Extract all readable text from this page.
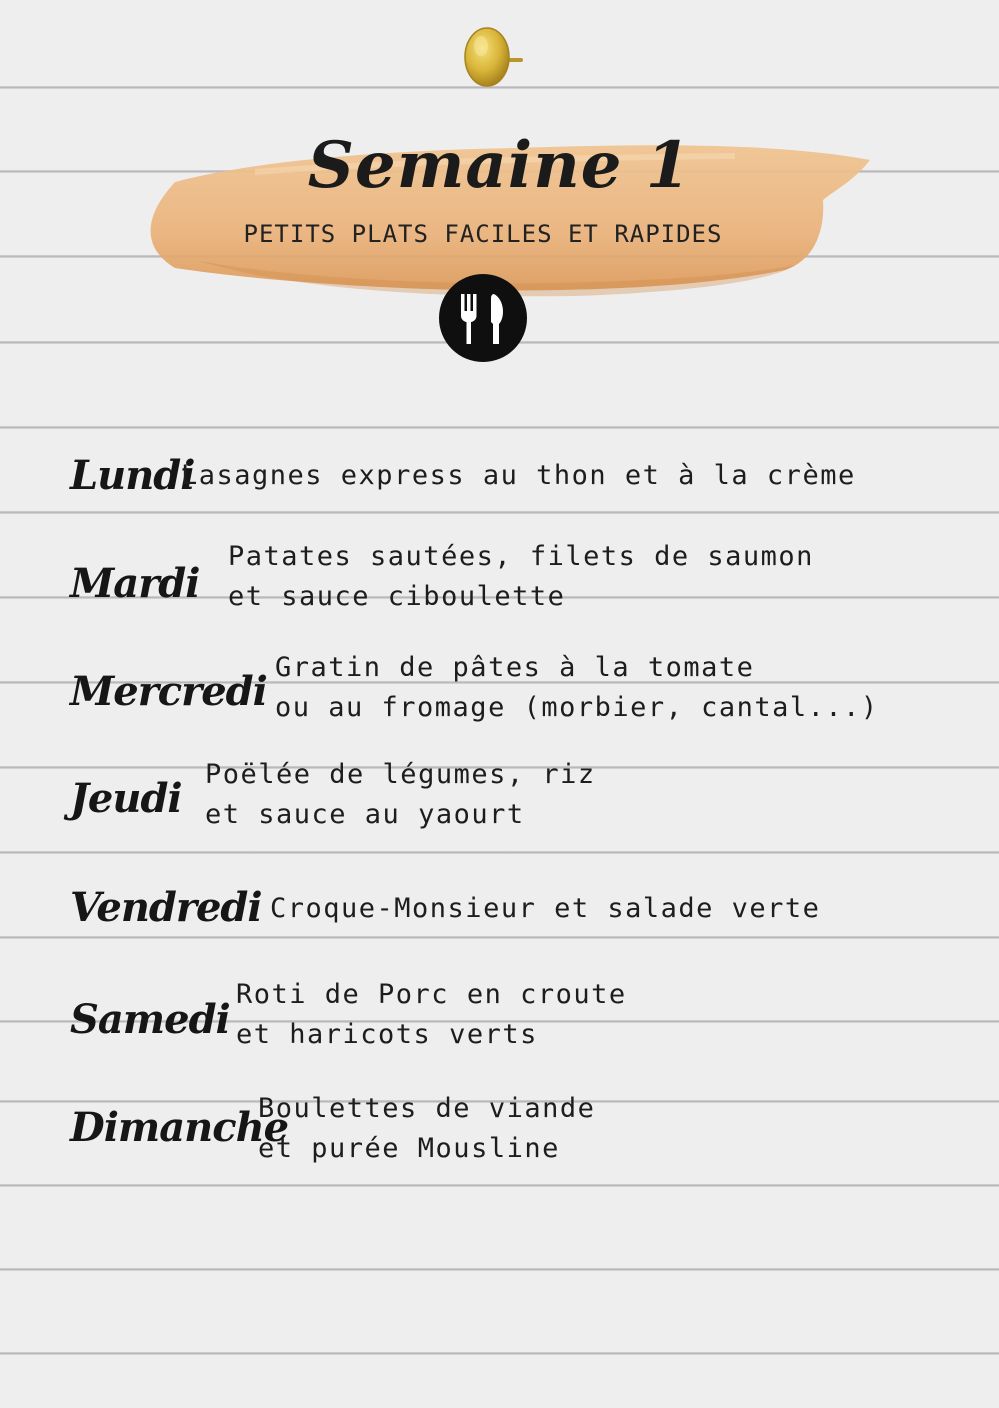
Semaine 1
PETITS PLATS FACILES ET RAPIDES
Lundi
Lasagnes express au thon et à la crème
Mardi
Patates sautées, filets de saumon
et sauce ciboulette
Mercredi
Gratin de pâtes à la tomate
ou au fromage (morbier, cantal...)
Jeudi
Poëlée de légumes, riz
et sauce au yaourt
Vendredi Croque-Monsieur et salade verte
Samedi
Roti de Porc en croute
et haricots verts
Dimanche
Boulettes de viande
et purée Mousline
